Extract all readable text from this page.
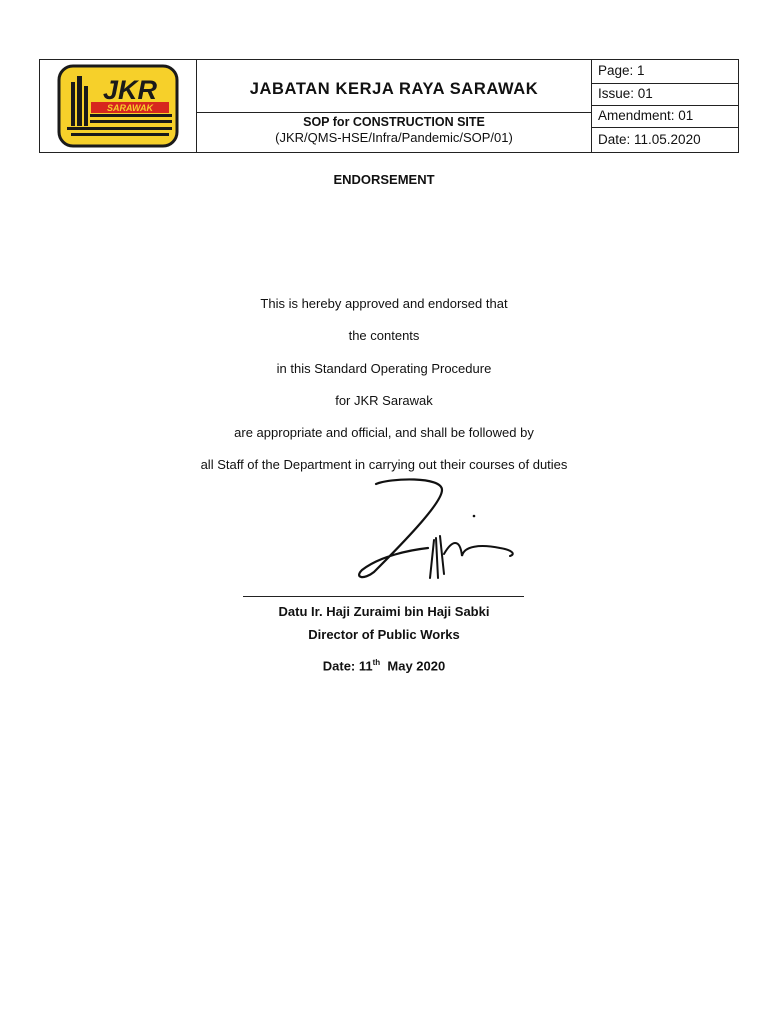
SARAWAK
JKR	JABATAN KERJA RAYA SARAWAK
SOP for CONSTRUCTION SITE
(JKR/QMS-HSE/Infra/Pandemic/SOP/01)

Page: 1
Issue: 01
Amendment: 01
Date: 11.05.2020
ENDORSEMENT
This is hereby approved and endorsed that
the contents
in this Standard Operating Procedure
for JKR Sarawak
are appropriate and official, and shall be followed by
all Staff of the Department in carrying out their courses of duties
Datu Ir. Haji Zuraimi bin Haji Sabki
Director of Public Works
Date: 11th  May 2020
